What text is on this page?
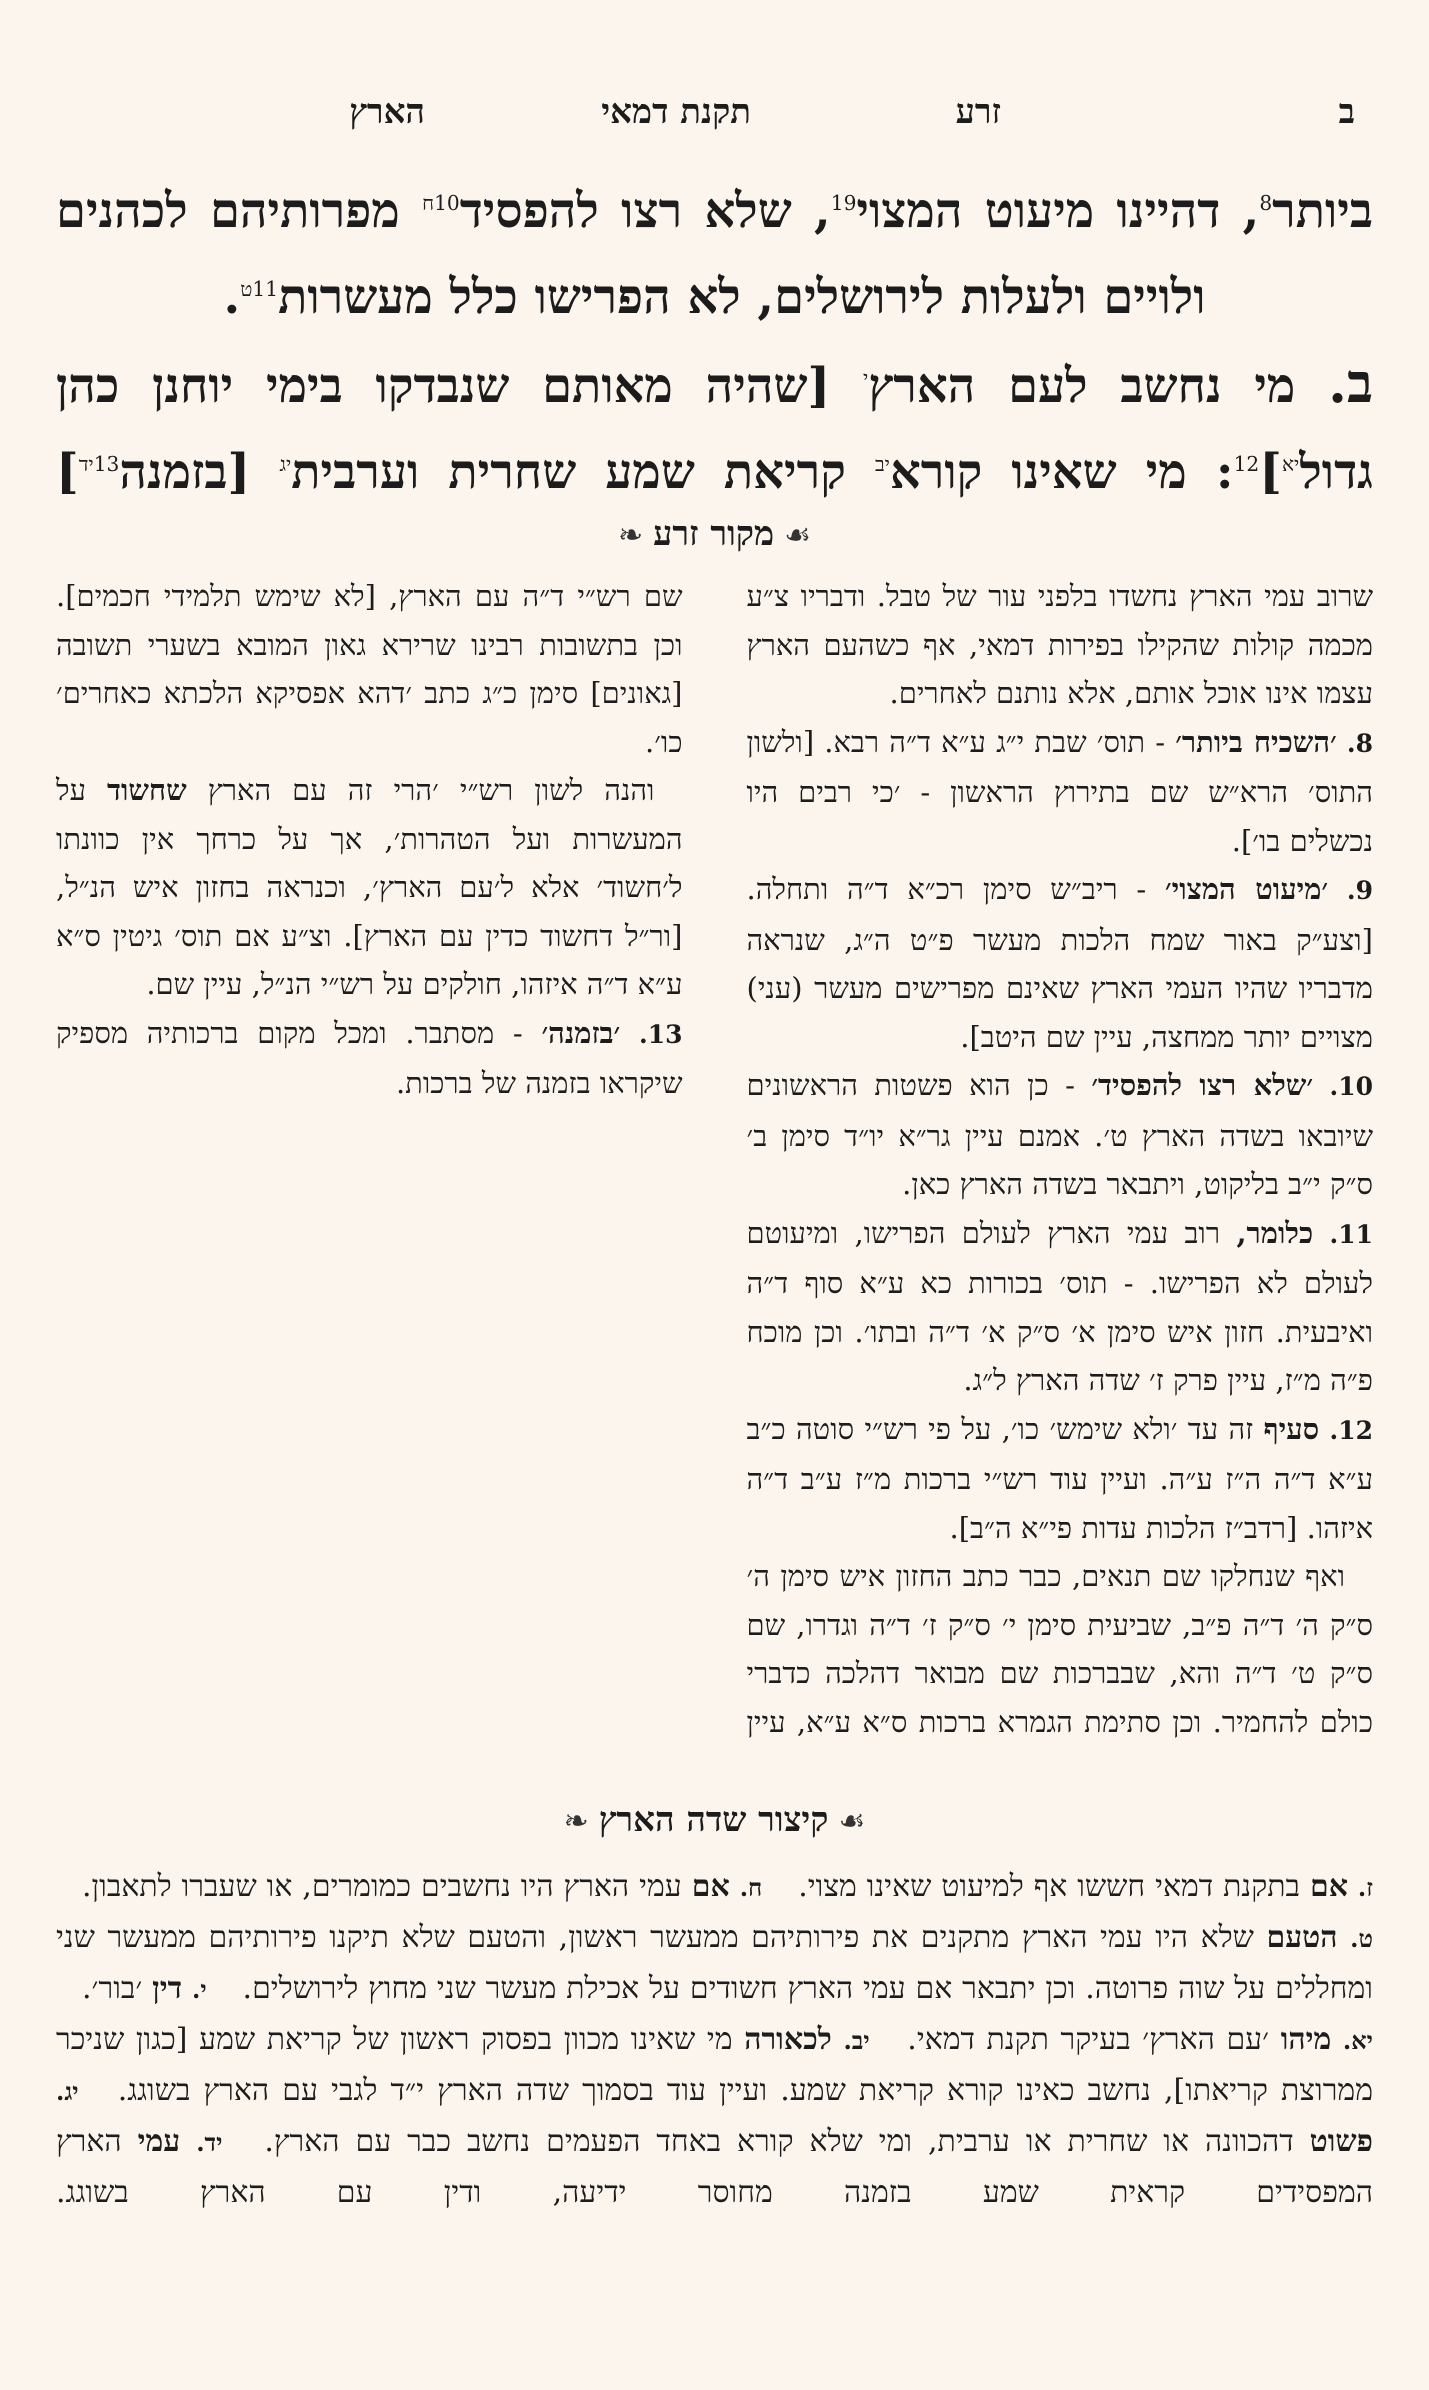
ב
זרע
תקנת דמאי
הארץ

ביותר$^8$, דהיינו מיעוט המצוי$^{19}$, שלא רצו להפסיד$^{10ח}$ מפרותיהם לכהנים

ולויים ולעלות לירושלים, לא הפרישו כלל מעשרות$^{11ט}$.

ב. מי נחשב לעם הארץ$^י$ [שהיה מאותם שנבדקו בימי יוחנן כהן

גדול$^{יא}$]$^{12}$: מי שאינו קורא$^{יב}$ קריאת שמע שחרית וערבית$^{יג}$ [בזמנה$^{13יד}$]

☙מקור זרע❧

שרוב עמי הארץ נחשדו בלפני עור של טבל. ודבריו צ״ע מכמה קולות שהקילו בפירות דמאי, אף כשהעם הארץ עצמו אינו אוכל אותם, אלא נותנם לאחרים.

8. ׳השכיח ביותר׳ - תוס׳ שבת י״ג ע״א ד״ה רבא. [ולשון התוס׳ הרא״ש שם בתירוץ הראשון - ׳כי רבים היו נכשלים בו׳].

9. ׳מיעוט המצוי׳ - ריב״ש סימן רכ״א ד״ה ותחלה. [וצע״ק באור שמח הלכות מעשר פ״ט ה״ג, שנראה מדבריו שהיו העמי הארץ שאינם מפרישים מעשר (עני) מצויים יותר ממחצה, עיין שם היטב].

10. ׳שלא רצו להפסיד׳ - כן הוא פשטות הראשונים שיובאו בשדה הארץ ט׳. אמנם עיין גר״א יו״ד סימן ב׳ ס״ק י״ב בליקוט, ויתבאר בשדה הארץ כאן.

11. כלומר, רוב עמי הארץ לעולם הפרישו, ומיעוטם לעולם לא הפרישו. - תוס׳ בכורות כא ע״א סוף ד״ה ואיבעית. חזון איש סימן א׳ ס״ק א׳ ד״ה ובתו׳. וכן מוכח פ״ה מ״ז, עיין פרק ז׳ שדה הארץ ל״ג.

12. סעיף זה עד ׳ולא שימש׳ כו׳, על פי רש״י סוטה כ״ב ע״א ד״ה ה״ז ע״ה. ועיין עוד רש״י ברכות מ״ז ע״ב ד״ה איזהו. [רדב״ז הלכות עדות פי״א ה״ב].

ואף שנחלקו שם תנאים, כבר כתב החזון איש סימן ה׳ ס״ק ה׳ ד״ה פ״ב, שביעית סימן י׳ ס״ק ז׳ ד״ה וגדרו, שם ס״ק ט׳ ד״ה והא, שבברכות שם מבואר דהלכה כדברי כולם להחמיר. וכן סתימת הגמרא ברכות ס״א ע״א, עיין שם רש״י ד״ה עם הארץ, [לא שימש תלמידי חכמים]. וכן בתשובות רבינו שרירא גאון המובא בשערי תשובה [גאונים] סימן כ״ג כתב ׳דהא אפסיקא הלכתא כאחרים׳ כו׳.

והנה לשון רש״י ׳הרי זה עם הארץ שחשוד על המעשרות ועל הטהרות׳, אך על כרחך אין כוונתו ל׳חשוד׳ אלא ל׳עם הארץ׳, וכנראה בחזון איש הנ״ל, [ור״ל דחשוד כדין עם הארץ]. וצ״ע אם תוס׳ גיטין ס״א ע״א ד״ה איזהו, חולקים על רש״י הנ״ל, עיין שם.

13. ׳בזמנה׳ - מסתבר. ומכל מקום ברכותיה מספיק שיקראו בזמנה של ברכות.

☙קיצור שדה הארץ❧
ז. אם בתקנת דמאי חששו אף למיעוט שאינו מצוי. ח. אם עמי הארץ היו נחשבים כמומרים, או שעברו לתאבון. ט. הטעם שלא היו עמי הארץ מתקנים את פירותיהם ממעשר ראשון, והטעם שלא תיקנו פירותיהם ממעשר שני ומחללים על שוה פרוטה. וכן יתבאר אם עמי הארץ חשודים על אכילת מעשר שני מחוץ לירושלים. י. דין ׳בור׳. יא. מיהו ׳עם הארץ׳ בעיקר תקנת דמאי. יב. לכאורה מי שאינו מכוון בפסוק ראשון של קריאת שמע [כגון שניכר ממרוצת קריאתו], נחשב כאינו קורא קריאת שמע. ועיין עוד בסמוך שדה הארץ י״ד לגבי עם הארץ בשוגג. יג. פשוט דהכוונה או שחרית או ערבית, ומי שלא קורא באחד הפעמים נחשב כבר עם הארץ. יד. עמי הארץ המפסידים קראית שמע בזמנה מחוסר ידיעה, ודין עם הארץ בשוגג.
